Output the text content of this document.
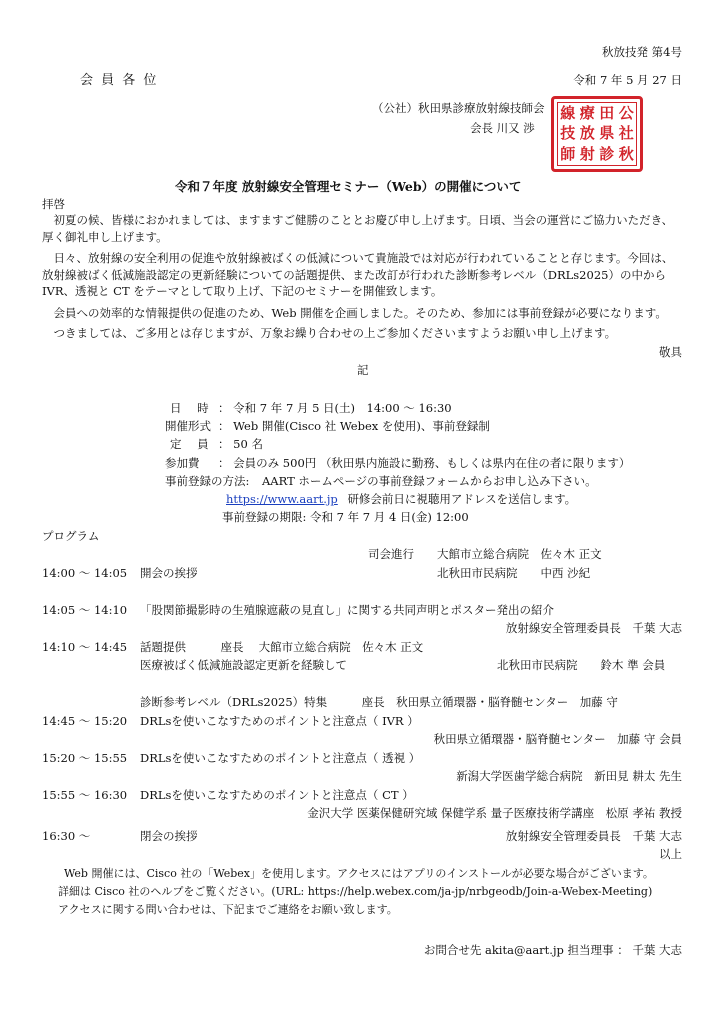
秋放技発 第4号
会 員 各 位	令和 7 年 5 月 27 日
（公社）秋田県診療放射線技師会
会長 川又 渉
線 療 田 公
技 放 県 社
師 射 診 秋
令和７年度 放射線安全管理セミナー（Web）の開催について
拝啓
初夏の候、皆様におかれましては、ますますご健勝のこととお慶び申し上げます。日頃、当会の運営にご協力いただき、厚く御礼申し上げます。
日々、放射線の安全利用の促進や放射線被ばくの低減について貴施設では対応が行われていることと存じます。今回は、放射線被ばく低減施設認定の更新経験についての話題提供、また改訂が行われた診断参考レベル（DRLs2025）の中から IVR、透視と CT をテーマとして取り上げ、下記のセミナーを開催致します。
会員への効率的な情報提供の促進のため、Web 開催を企画しました。そのため、参加には事前登録が必要になります。
つきましては、ご多用とは存じますが、万象お繰り合わせの上ご参加くださいますようお願い申し上げます。
敬具
記
日 時 ： 令和 7 年 7 月 5 日(土)　14:00 ～ 16:30
開催形式 ： Web 開催(Cisco 社 Webex を使用)、事前登録制
定 員 ： 50 名
参加費 ： 会員のみ 500円 （秋田県内施設に勤務、もしくは県内在住の者に限ります）
事前登録の方法: AART ホームページの事前登録フォームからお申し込み下さい。
https://www.aart.jp 研修会前日に視聴用アドレスを送信します。
事前登録の期限: 令和 7 年 7 月 4 日(金) 12:00
プログラム
司会進行 大館市立総合病院　佐々木 正文
14:00 ～ 14:05 開会の挨拶	北秋田市民病院　　中西 沙紀
14:05 ～ 14:10 「股関節撮影時の生殖腺遮蔽の見直し」に関する共同声明とポスター発出の紹介
放射線安全管理委員長　千葉 大志
14:10 ～ 14:45 話題提供　　　座長　 大館市立総合病院　佐々木 正文
医療被ばく低減施設認定更新を経験して	北秋田市民病院　　鈴木 準 会員
診断参考レベル（DRLs2025）特集　　　座長　秋田県立循環器・脳脊髄センター　加藤 守
14:45 ～ 15:20 DRLsを使いこなすためのポイントと注意点（ IVR ）
秋田県立循環器・脳脊髄センター　加藤 守 会員
15:20 ～ 15:55 DRLsを使いこなすためのポイントと注意点（ 透視 ）
新潟大学医歯学総合病院　新田見 耕太 先生
15:55 ～ 16:30 DRLsを使いこなすためのポイントと注意点（ CT ）
金沢大学 医薬保健研究域 保健学系 量子医療技術学講座　松原 孝祐 教授
16:30 ～	閉会の挨拶	放射線安全管理委員長　千葉 大志
以上
Web 開催には、Cisco 社の「Webex」を使用します。アクセスにはアプリのインストールが必要な場合がございます。
詳細は Cisco 社のヘルプをご覧ください。(URL: https://help.webex.com/ja-jp/nrbgeodb/Join-a-Webex-Meeting)
アクセスに関する問い合わせは、下記までご連絡をお願い致します。
お問合せ先 akita@aart.jp 担当理事 ： 千葉 大志
